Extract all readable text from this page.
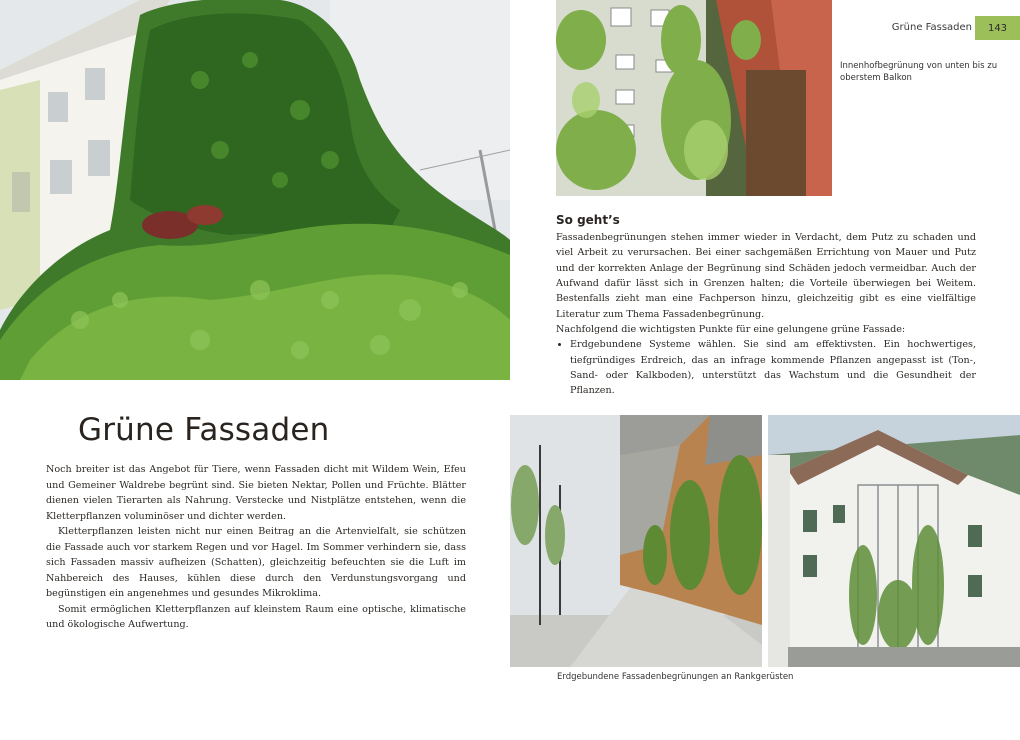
Grüne Fassaden 143
Innenhofbegrünung von unten bis zu oberstem Balkon
So geht’s

Fassadenbegrünungen stehen immer wieder in Verdacht, dem Putz zu schaden und viel Arbeit zu verursachen. Bei einer sachgemäßen Errichtung von Mauer und Putz und der korrekten Anlage der Begrünung sind Schäden jedoch vermeidbar. Auch der Aufwand dafür lässt sich in Grenzen halten; die Vorteile überwiegen bei Weitem. Bestenfalls zieht man eine Fachperson hinzu, gleichzeitig gibt es eine vielfältige Literatur zum Thema Fassadenbegrünung.

Nachfolgend die wichtigsten Punkte für eine gelungene grüne Fassade:

• Erdgebundene Systeme wählen. Sie sind am effektivsten. Ein hochwertiges, tiefgründiges Erdreich, das an infrage kommende Pflanzen angepasst ist (Ton-, Sand- oder Kalkboden), unterstützt das Wachstum und die Gesundheit der Pflanzen.
Grüne Fassaden

Noch breiter ist das Angebot für Tiere, wenn Fassaden dicht mit Wildem Wein, Efeu und Gemeiner Waldrebe begrünt sind. Sie bieten Nektar, Pollen und Früchte. Blätter dienen vielen Tierarten als Nahrung. Verstecke und Nistplätze entstehen, wenn die Kletterpflanzen voluminöser und dichter werden.

Kletterpflanzen leisten nicht nur einen Beitrag an die Artenvielfalt, sie schützen die Fassade auch vor starkem Regen und vor Hagel. Im Sommer verhindern sie, dass sich Fassaden massiv aufheizen (Schatten), gleichzeitig befeuchten sie die Luft im Nahbereich des Hauses, kühlen diese durch den Verdunstungsvorgang und begünstigen ein angenehmes und gesundes Mikroklima.

Somit ermöglichen Kletterpflanzen auf kleinstem Raum eine optische, klimatische und ökologische Aufwertung.

Erdgebundene Fassadenbegrünungen an Rankgerüsten
